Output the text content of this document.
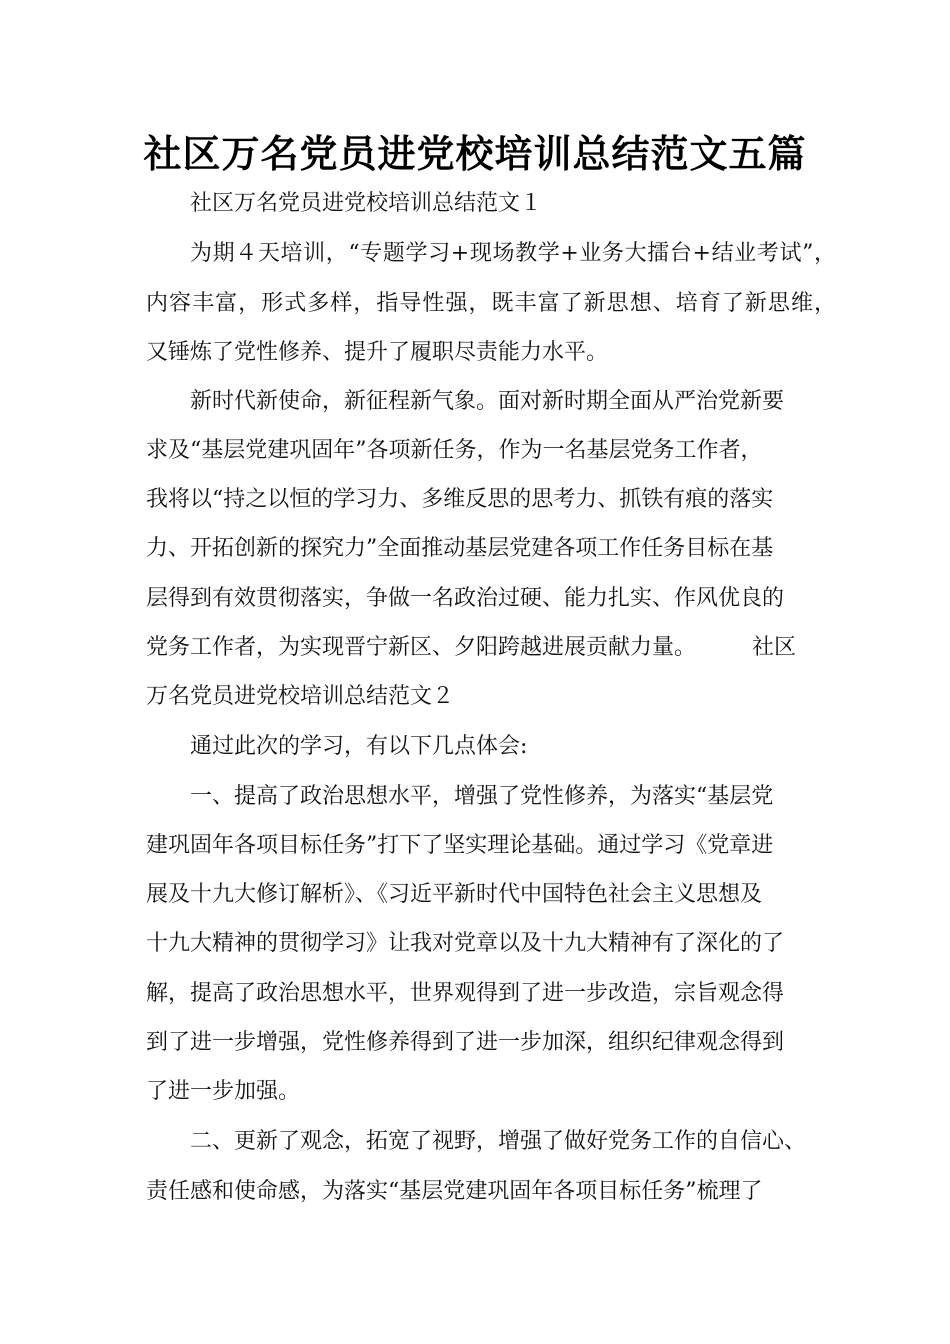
社区万名党员进党校培训总结范文五篇
社区万名党员进党校培训总结范文１
为期４天培训，“专题学习+现场教学+业务大擂台+结业考试”，
内容丰富，形式多样，指导性强，既丰富了新思想、培育了新思维，
又锤炼了党性修养、提升了履职尽责能力水平。
新时代新使命，新征程新气象。面对新时期全面从严治党新要
求及“基层党建巩固年”各项新任务，作为一名基层党务工作者，
我将以“持之以恒的学习力、多维反思的思考力、抓铁有痕的落实
力、开拓创新的探究力”全面推动基层党建各项工作任务目标在基
层得到有效贯彻落实，争做一名政治过硬、能力扎实、作风优良的
党务工作者，为实现晋宁新区、夕阳跨越进展贡献力量。	社区
万名党员进党校培训总结范文２
通过此次的学习，有以下几点体会:
一、提高了政治思想水平，增强了党性修养，为落实“基层党
建巩固年各项目标任务”打下了坚实理论基础。通过学习《党章进
展及十九大修订解析》、《习近平新时代中国特色社会主义思想及
十九大精神的贯彻学习》让我对党章以及十九大精神有了深化的了
解，提高了政治思想水平，世界观得到了进一步改造，宗旨观念得
到了进一步增强，党性修养得到了进一步加深，组织纪律观念得到
了进一步加强。
二、更新了观念，拓宽了视野，增强了做好党务工作的自信心、
责任感和使命感，为落实“基层党建巩固年各项目标任务”梳理了
